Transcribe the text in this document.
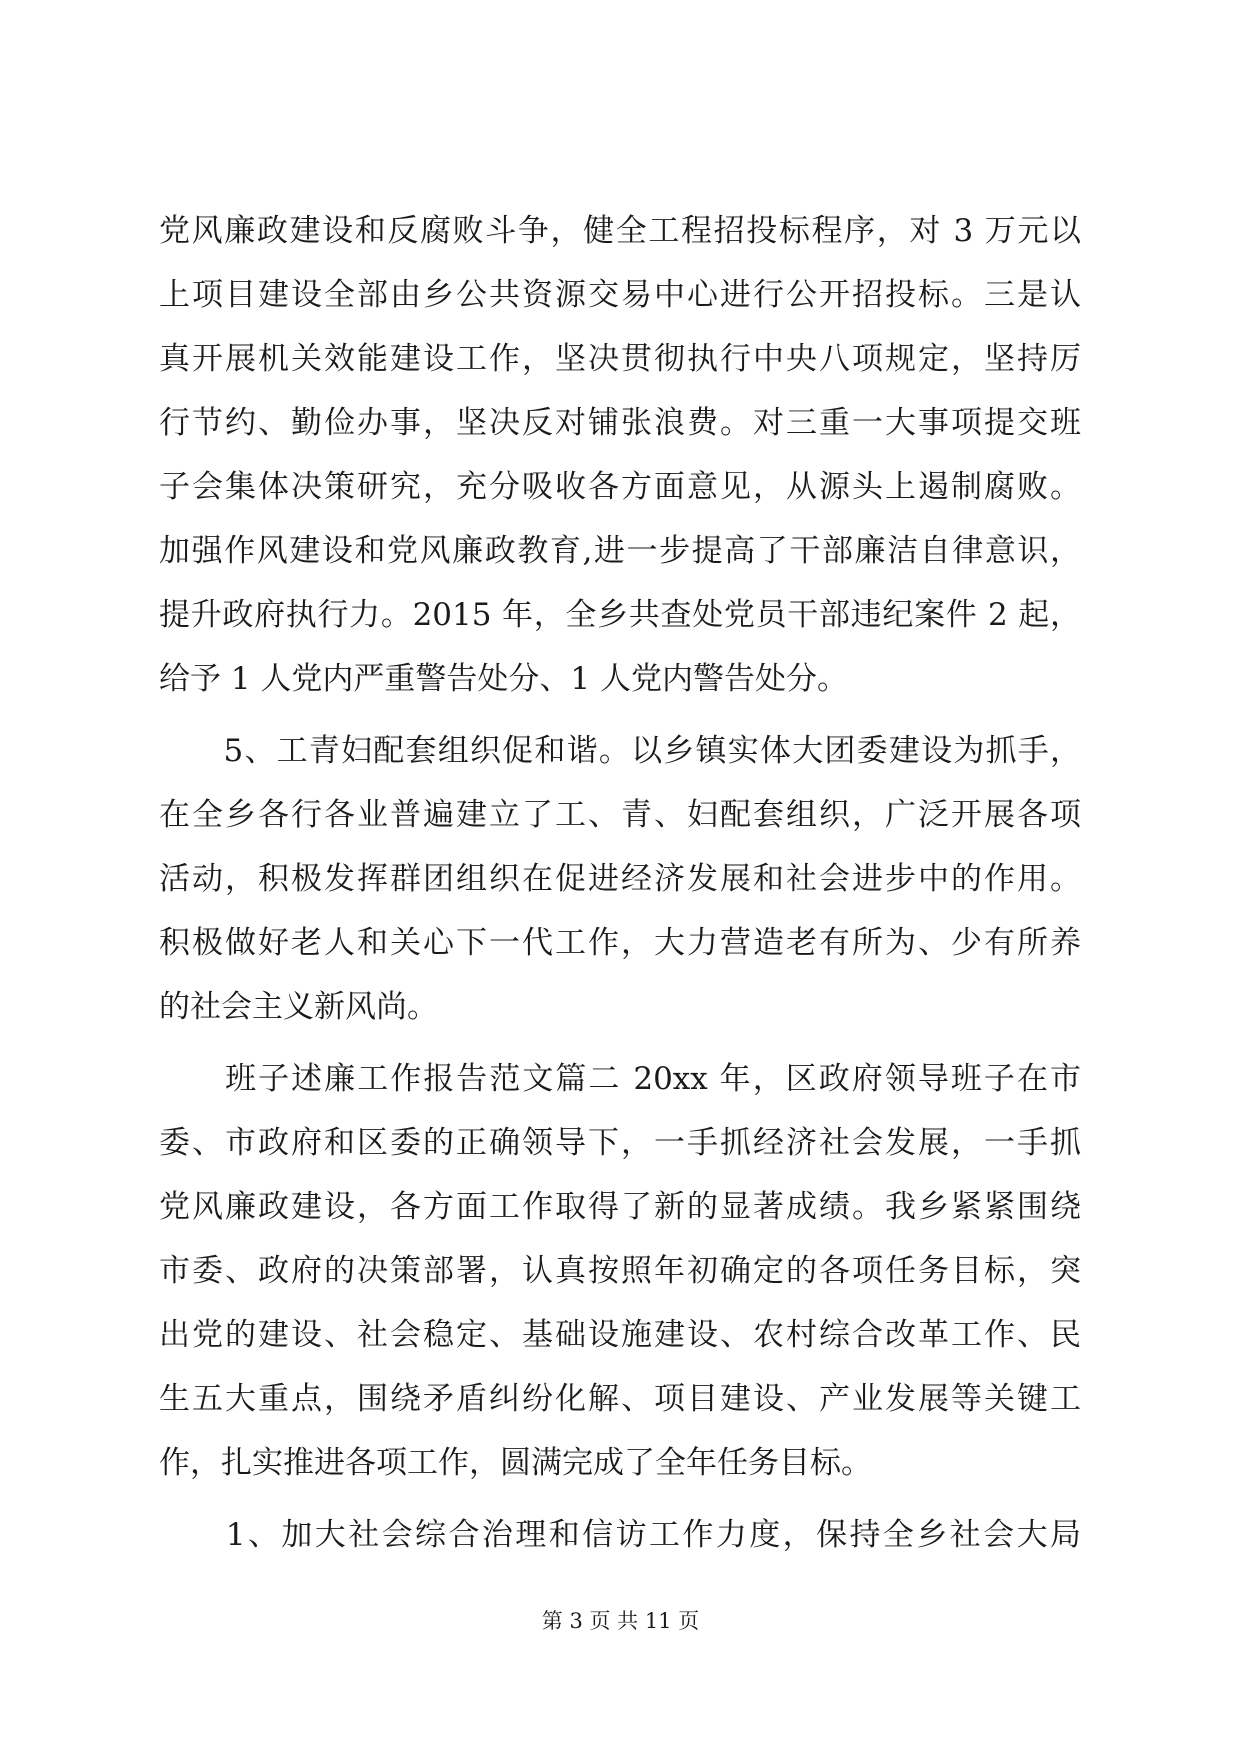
党风廉政建设和反腐败斗争，健全工程招投标程序，对 3 万元以
上项目建设全部由乡公共资源交易中心进行公开招投标。三是认
真开展机关效能建设工作，坚决贯彻执行中央八项规定，坚持厉
行节约、勤俭办事，坚决反对铺张浪费。对三重一大事项提交班
子会集体决策研究，充分吸收各方面意见，从源头上遏制腐败。
加强作风建设和党风廉政教育,进一步提高了干部廉洁自律意识，
提升政府执行力。2015 年，全乡共查处党员干部违纪案件 2 起，
给予 1 人党内严重警告处分、1 人党内警告处分。
　　5、工青妇配套组织促和谐。以乡镇实体大团委建设为抓手，
在全乡各行各业普遍建立了工、青、妇配套组织，广泛开展各项
活动，积极发挥群团组织在促进经济发展和社会进步中的作用。
积极做好老人和关心下一代工作，大力营造老有所为、少有所养
的社会主义新风尚。
　　班子述廉工作报告范文篇二 20xx 年，区政府领导班子在市
委、市政府和区委的正确领导下，一手抓经济社会发展，一手抓
党风廉政建设，各方面工作取得了新的显著成绩。我乡紧紧围绕
市委、政府的决策部署，认真按照年初确定的各项任务目标，突
出党的建设、社会稳定、基础设施建设、农村综合改革工作、民
生五大重点，围绕矛盾纠纷化解、项目建设、产业发展等关键工
作，扎实推进各项工作，圆满完成了全年任务目标。
　　1、加大社会综合治理和信访工作力度，保持全乡社会大局
第 3 页 共 11 页
